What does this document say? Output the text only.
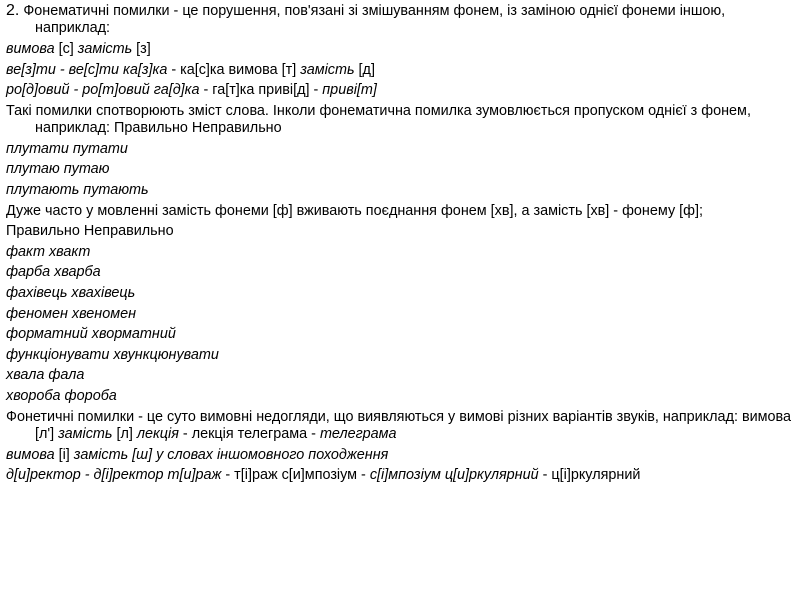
2. Фонематичні помилки - це порушення, пов'язані зі змішуванням фонем, із заміною однієї фонеми іншою, наприклад:

вимова [с] замість [з]

ве[з]ти - ве[с]ти ка[з]ка - ка[с]ка вимова [т] замість [д]

ро[д]овий - ро[т]овий га[д]ка - га[т]ка приві[д] - приві[т]

Такі помилки спотворюють зміст слова. Інколи фонематична помилка зумовлюється пропуском однієї з фонем, наприклад: Правильно Неправильно

плутати путати

плутаю путаю

плутають путають

Дуже часто у мовленні замість фонеми [ф] вживають поєднання фонем [хв], а замість [хв] - фонему [ф];

Правильно Неправильно

факт хвакт

фарба хварба

фахівець хвахівець

феномен хвеномен

форматний хворматний

функціонувати хвункцюнувати

хвала фала

хвороба фороба

Фонетичні помилки - це суто вимовні недогляди, що виявляються у вимові різних варіантів звуків, наприклад: вимова [л'] замість [л] лекція - лекція телеграма - телеграма

вимова [і] замість [ш] у словах іншомовного походження

д[и]ректор - д[і]ректор т[и]раж - т[і]раж с[и]мпозіум - с[і]мпозіум ц[и]ркулярний - ц[і]ркулярний
